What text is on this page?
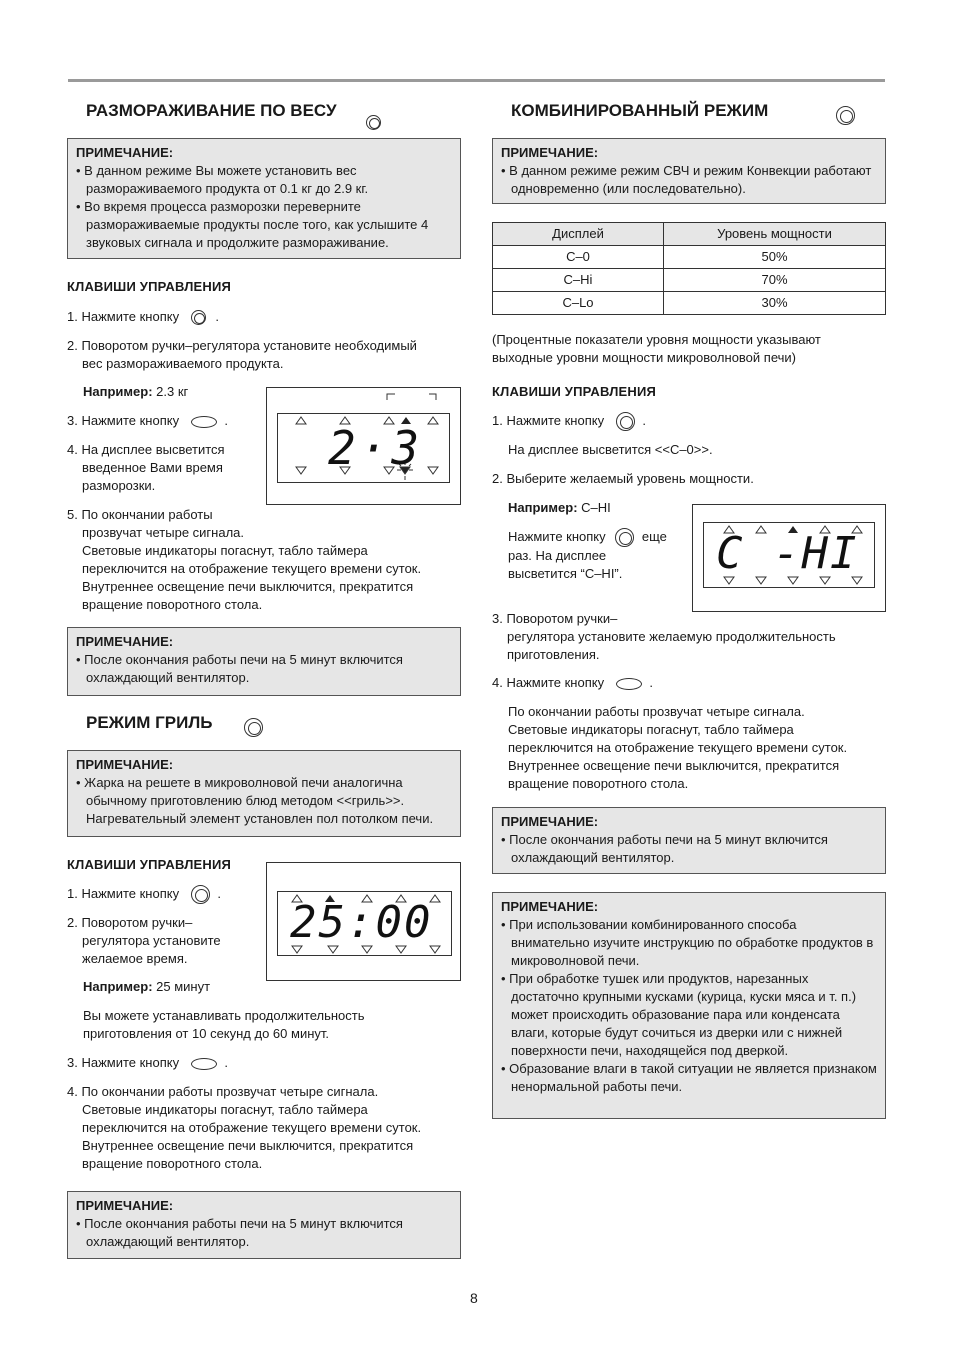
РАЗМОРАЖИВАНИЕ ПО ВЕСУ

ПРИМЕЧАНИЕ:
• В данном режиме Вы можете установить вес размораживаемого продукта от 0.1 кг до 2.9 кг.
• Во вкремя процесса разморозки переверните размораживаемые продукты после того, как услышите 4 звуковых сигнала и продолжите размораживание.
КЛАВИШИ УПРАВЛЕНИЯ
1. Нажмите кнопку	.
2. Поворотом ручки–регулятора установите необходимый
вес размораживаемого продукта.
Например: 2.3 кг
3. Нажмите кнопку	.
4. На дисплее высветится
введенное Вами время
разморозки.
5. По окончании работы
прозвучат четыре сигнала.
Световые индикаторы погаснут, табло таймера
переключится на отображение текущего времени суток.
Внутреннее освещение печи выключится, прекратится
вращение поворотного стола.
2·3
ПРИМЕЧАНИЕ:
• После окончания работы печи на 5 минут включится охлаждающий вентилятор.
РЕЖИМ ГРИЛЬ

ПРИМЕЧАНИЕ:
• Жарка на решете в микроволновой печи аналогична обычному приготовлению блюд методом <<гриль>>. Нагревательный элемент установлен пол потолком печи.
КЛАВИШИ УПРАВЛЕНИЯ
1. Нажмите кнопку	.
2. Поворотом ручки–
регулятора установите
желаемое время.
Например: 25 минут
Вы можете устанавливать продолжительность
приготовления от 10 секунд до 60 минут.
3. Нажмите кнопку	.
4. По окончании работы прозвучат четыре сигнала.
Световые индикаторы погаснут, табло таймера
переключится на отображение текущего времени суток.
Внутреннее освещение печи выключится, прекратится
вращение поворотного стола.
25:00
ПРИМЕЧАНИЕ:
• После окончания работы печи на 5 минут включится охлаждающий вентилятор.
КОМБИНИРОВАННЫЙ РЕЖИМ
ПРИМЕЧАНИЕ:
• В данном режиме режим СВЧ и режим Конвекции работают одновременно (или последовательно).
Дисплей	Уровень мощности
C–0	50%
C–Hi	70%
C–Lo	30%
(Процентные показатели уровня мощности указывают
выходные уровни мощности микроволновой печи)
КЛАВИШИ УПРАВЛЕНИЯ
1. Нажмите кнопку	.
На дисплее высветится <<C–0>>.
2. Выберите желаемый уровень мощности.
Например: C–HI
Нажмите кнопку	еще
раз. На дисплее
высветится “C–HI”.	C -HI
3. Поворотом ручки–
регулятора установите желаемую продолжительность
приготовления.
4. Нажмите кнопку	.
По окончании работы прозвучат четыре сигнала.
Световые индикаторы погаснут, табло таймера
переключится на отображение текущего времени суток.
Внутреннее освещение печи выключится, прекратится
вращение поворотного стола.
ПРИМЕЧАНИЕ:
• После окончания работы печи на 5 минут включится охлаждающий вентилятор.
ПРИМЕЧАНИЕ:
• При использовании комбинированного способа внимательно изучите инструкцию по обработке продуктов в микроволновой печи.
• При обработке тушек или продуктов, нарезанных достаточно крупными кусками (курица, куски мяса и т. п.) может происходить образование пара или конденсата влаги, которые будут сочиться из дверки или с нижней поверхности печи, находящейся под дверкой.
• Образование влаги в такой ситуации не является признаком ненормальной работы печи.
8
